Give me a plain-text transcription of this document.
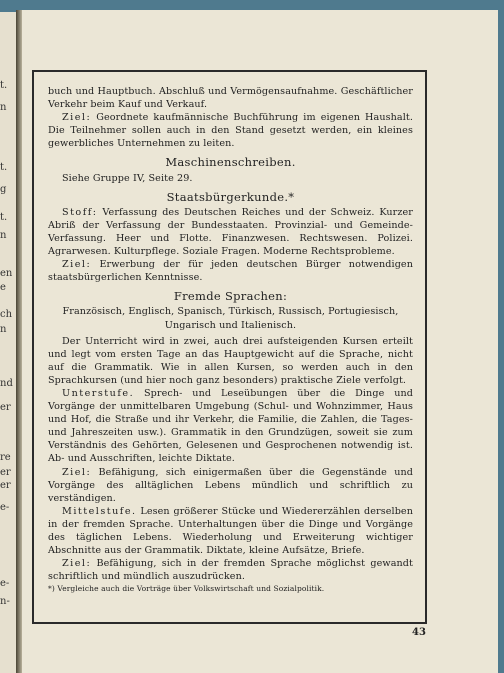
t.
n
t.
g
t.
n
en
e
ch
n
nd
er
re
er
er
e-
e-
n-

buch und Hauptbuch. Abschluß und Vermögensaufnahme. Geschäftlicher Verkehr beim Kauf und Verkauf.

Ziel: Geordnete kaufmännische Buchführung im eigenen Haushalt. Die Teilnehmer sollen auch in den Stand gesetzt werden, ein kleines gewerbliches Unternehmen zu leiten.

Maschinenschreiben.

Siehe Gruppe IV, Seite 29.

Staatsbürgerkunde.*

Stoff: Verfassung des Deutschen Reiches und der Schweiz. Kurzer Abriß der Verfassung der Bundesstaaten. Provinzial- und Gemeinde-Verfassung. Heer und Flotte. Finanzwesen. Rechtswesen. Polizei. Agrarwesen. Kulturpflege. Soziale Fragen. Moderne Rechtsprobleme.

Ziel: Erwerbung der für jeden deutschen Bürger notwendigen staatsbürgerlichen Kenntnisse.

Fremde Sprachen:

Französisch, Englisch, Spanisch, Türkisch, Russisch, Portugiesisch, Ungarisch und Italienisch.

Der Unterricht wird in zwei, auch drei aufsteigenden Kursen erteilt und legt vom ersten Tage an das Hauptgewicht auf die Sprache, nicht auf die Grammatik. Wie in allen Kursen, so werden auch in den Sprachkursen (und hier noch ganz besonders) praktische Ziele verfolgt.

Unterstufe. Sprech- und Leseübungen über die Dinge und Vorgänge der unmittelbaren Umgebung (Schul- und Wohnzimmer, Haus und Hof, die Straße und ihr Verkehr, die Familie, die Zahlen, die Tages- und Jahreszeiten usw.). Grammatik in den Grundzügen, soweit sie zum Verständnis des Gehörten, Gelesenen und Gesprochenen notwendig ist. Ab- und Ausschriften, leichte Diktate.

Ziel: Befähigung, sich einigermaßen über die Gegenstände und Vorgänge des alltäglichen Lebens mündlich und schriftlich zu verständigen.

Mittelstufe. Lesen größerer Stücke und Wiedererzählen derselben in der fremden Sprache. Unterhaltungen über die Dinge und Vorgänge des täglichen Lebens. Wiederholung und Erweiterung wichtiger Abschnitte aus der Grammatik. Diktate, kleine Aufsätze, Briefe.

Ziel: Befähigung, sich in der fremden Sprache möglichst gewandt schriftlich und mündlich auszudrücken.

*) Vergleiche auch die Vorträge über Volkswirtschaft und Sozialpolitik.

43
